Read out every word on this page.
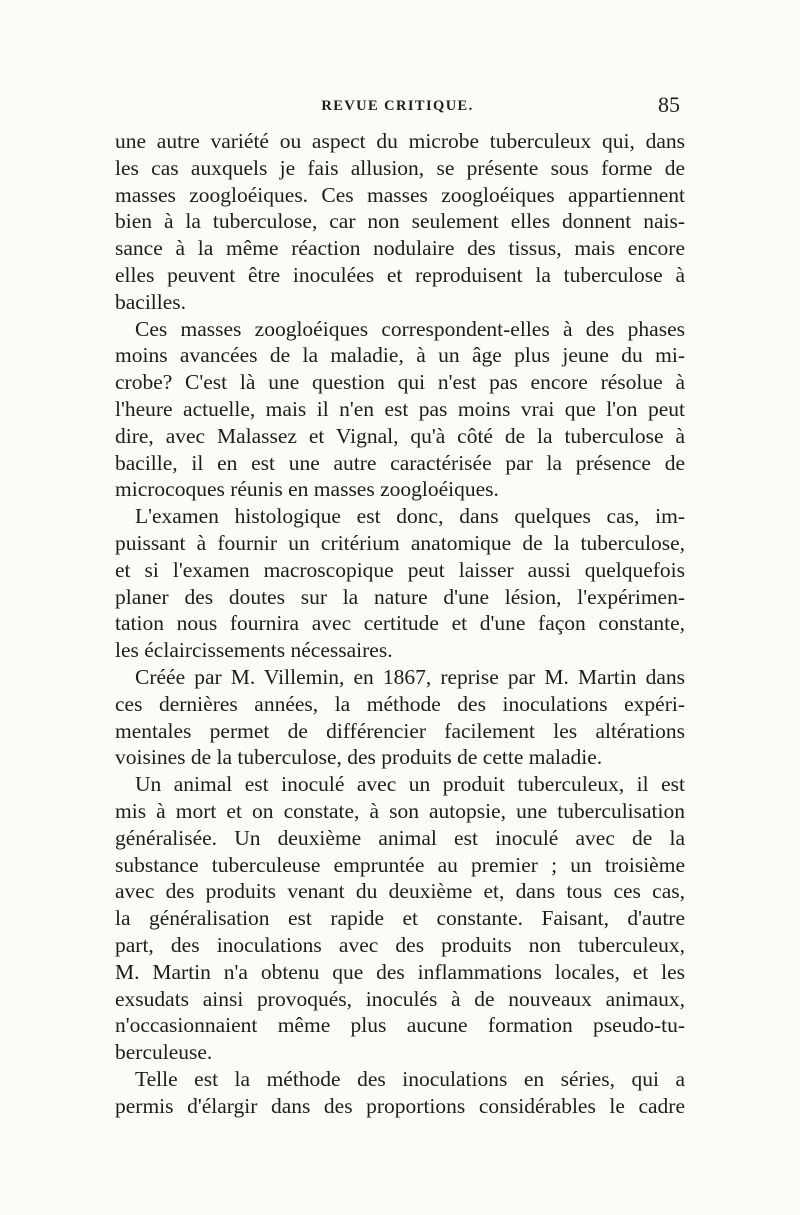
REVUE CRITIQUE.	85
une autre variété ou aspect du microbe tuberculeux qui, dans
les cas auxquels je fais allusion, se présente sous forme de
masses zoogloéiques. Ces masses zoogloéiques appartiennent
bien à la tuberculose, car non seulement elles donnent nais-
sance à la même réaction nodulaire des tissus, mais encore
elles peuvent être inoculées et reproduisent la tuberculose à
bacilles.
Ces masses zoogloéiques correspondent-elles à des phases
moins avancées de la maladie, à un âge plus jeune du mi-
crobe? C'est là une question qui n'est pas encore résolue à
l'heure actuelle, mais il n'en est pas moins vrai que l'on peut
dire, avec Malassez et Vignal, qu'à côté de la tuberculose à
bacille, il en est une autre caractérisée par la présence de
microcoques réunis en masses zoogloéiques.
L'examen histologique est donc, dans quelques cas, im-
puissant à fournir un critérium anatomique de la tuberculose,
et si l'examen macroscopique peut laisser aussi quelquefois
planer des doutes sur la nature d'une lésion, l'expérimen-
tation nous fournira avec certitude et d'une façon constante,
les éclaircissements nécessaires.
Créée par M. Villemin, en 1867, reprise par M. Martin dans
ces dernières années, la méthode des inoculations expéri-
mentales permet de différencier facilement les altérations
voisines de la tuberculose, des produits de cette maladie.
Un animal est inoculé avec un produit tuberculeux, il est
mis à mort et on constate, à son autopsie, une tuberculisation
généralisée. Un deuxième animal est inoculé avec de la
substance tuberculeuse empruntée au premier ; un troisième
avec des produits venant du deuxième et, dans tous ces cas,
la généralisation est rapide et constante. Faisant, d'autre
part, des inoculations avec des produits non tuberculeux,
M. Martin n'a obtenu que des inflammations locales, et les
exsudats ainsi provoqués, inoculés à de nouveaux animaux,
n'occasionnaient même plus aucune formation pseudo-tu-
berculeuse.
Telle est la méthode des inoculations en séries, qui a
permis d'élargir dans des proportions considérables le cadre
